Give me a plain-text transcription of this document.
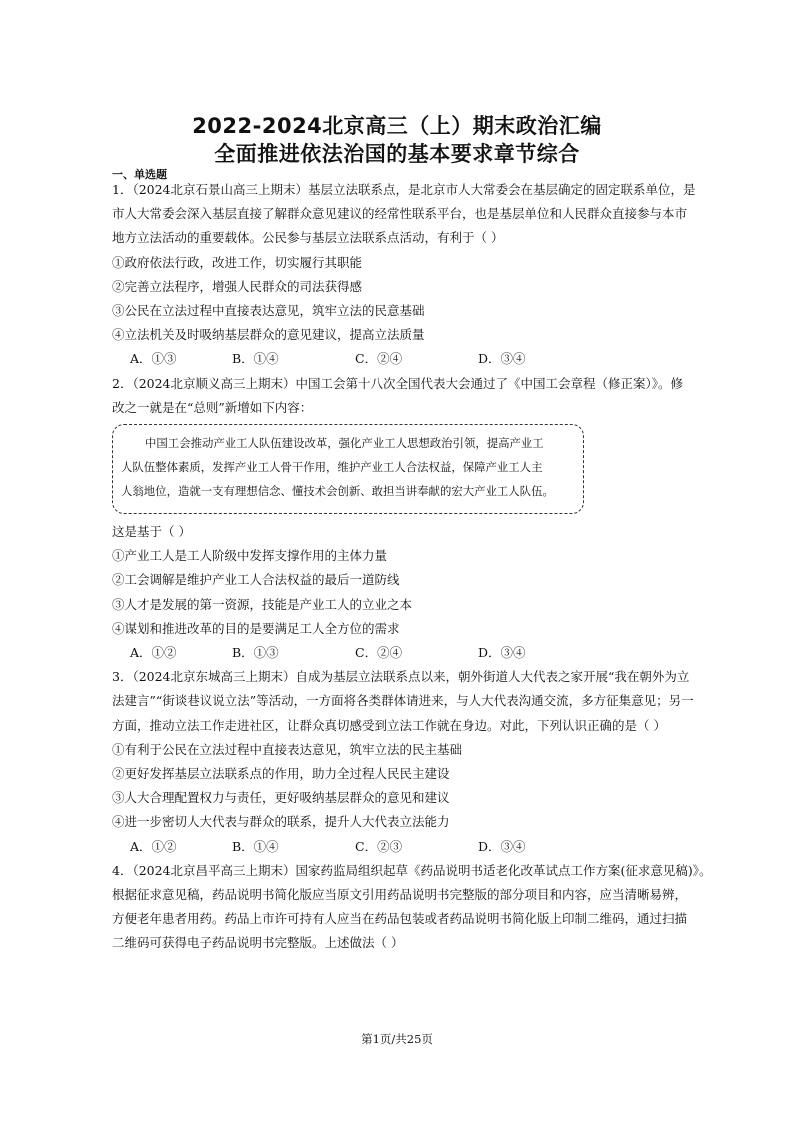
2022-2024北京高三（上）期末政治汇编
全面推进依法治国的基本要求章节综合
一、单选题

1．（2024北京石景山高三上期末）基层立法联系点，是北京市人大常委会在基层确定的固定联系单位，是

市人大常委会深入基层直接了解群众意见建议的经常性联系平台，也是基层单位和人民群众直接参与本市

地方立法活动的重要载体。公民参与基层立法联系点活动，有利于（ ）

①政府依法行政，改进工作，切实履行其职能

②完善立法程序，增强人民群众的司法获得感

③公民在立法过程中直接表达意见，筑牢立法的民意基础

④立法机关及时吸纳基层群众的意见建议，提高立法质量

A．①③	B．①④	C．②④	D．③④

2．（2024北京顺义高三上期末）中国工会第十八次全国代表大会通过了《中国工会章程（修正案）》。修

改之一就是在“总则”新增如下内容：

中国工会推动产业工人队伍建设改革，强化产业工人思想政治引领，提高产业工

人队伍整体素质，发挥产业工人骨干作用，维护产业工人合法权益，保障产业工人主

人翁地位，造就一支有理想信念、懂技术会创新、敢担当讲奉献的宏大产业工人队伍。

这是基于（ ）

①产业工人是工人阶级中发挥支撑作用的主体力量

②工会调解是维护产业工人合法权益的最后一道防线

③人才是发展的第一资源，技能是产业工人的立业之本

④谋划和推进改革的目的是要满足工人全方位的需求

A．①②	B．①③	C．②④	D．③④

3．（2024北京东城高三上期末）自成为基层立法联系点以来，朝外街道人大代表之家开展“我在朝外为立

法建言”“街谈巷议说立法”等活动，一方面将各类群体请进来，与人大代表沟通交流，多方征集意见；另一

方面，推动立法工作走进社区，让群众真切感受到立法工作就在身边。对此，下列认识正确的是（ ）

①有利于公民在立法过程中直接表达意见，筑牢立法的民主基础

②更好发挥基层立法联系点的作用，助力全过程人民民主建设

③人大合理配置权力与责任，更好吸纳基层群众的意见和建议

④进一步密切人大代表与群众的联系，提升人大代表立法能力

A．①②	B．①④	C．②③	D．③④

4．（2024北京昌平高三上期末）国家药监局组织起草《药品说明书适老化改革试点工作方案(征求意见稿)》。

根据征求意见稿，药品说明书简化版应当原文引用药品说明书完整版的部分项目和内容，应当清晰易辨，

方便老年患者用药。药品上市许可持有人应当在药品包装或者药品说明书简化版上印制二维码，通过扫描

二维码可获得电子药品说明书完整版。上述做法（ ）

第1页/共25页
